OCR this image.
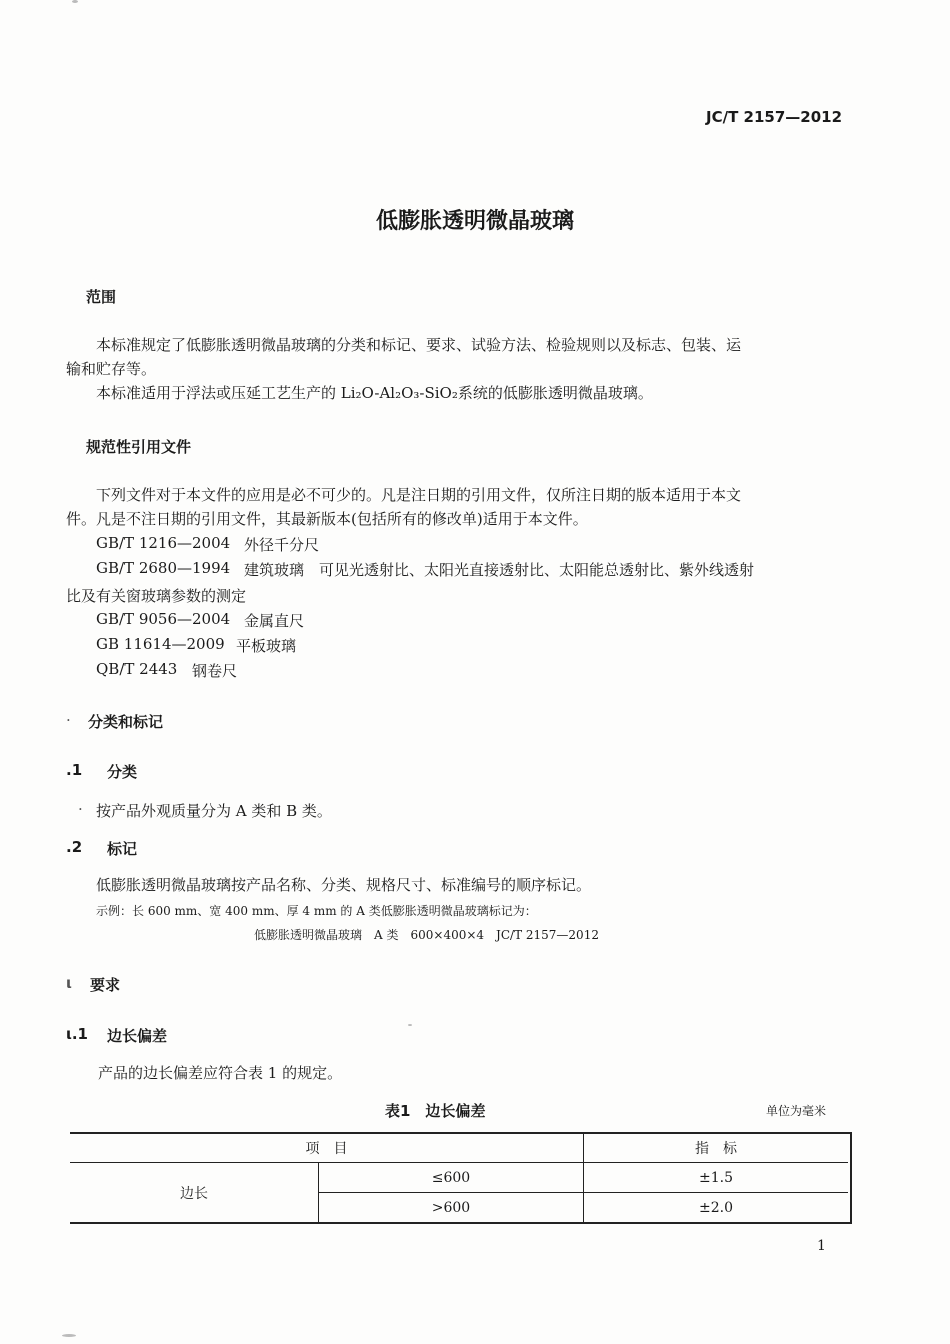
JC/T 2157—2012
低膨胀透明微晶玻璃
范围
本标准规定了低膨胀透明微晶玻璃的分类和标记、要求、试验方法、检验规则以及标志、包装、运
输和贮存等。
本标准适用于浮法或压延工艺生产的 Li₂O-Al₂O₃-SiO₂系统的低膨胀透明微晶玻璃。
规范性引用文件
下列文件对于本文件的应用是必不可少的。凡是注日期的引用文件，仅所注日期的版本适用于本文
件。凡是不注日期的引用文件，其最新版本(包括所有的修改单)适用于本文件。
GB/T 1216—2004 外径千分尺
GB/T 2680—1994 建筑玻璃　可见光透射比、太阳光直接透射比、太阳能总透射比、紫外线透射
比及有关窗玻璃参数的测定
GB/T 9056—2004 金属直尺
GB 11614—2009 平板玻璃
QB/T 2443 钢卷尺
· 分类和标记
.1 分类
· 按产品外观质量分为 A 类和 B 类。
.2 标记
低膨胀透明微晶玻璃按产品名称、分类、规格尺寸、标准编号的顺序标记。
示例：长 600 mm、宽 400 mm、厚 4 mm 的 A 类低膨胀透明微晶玻璃标记为：
低膨胀透明微晶玻璃　A 类　600×400×4　JC/T 2157—2012
ι 要求
ι.1 边长偏差
产品的边长偏差应符合表 1 的规定。
表1　边长偏差	单位为毫米
项　目	指　标
边长
≤600	±1.5
>600	±2.0
1
